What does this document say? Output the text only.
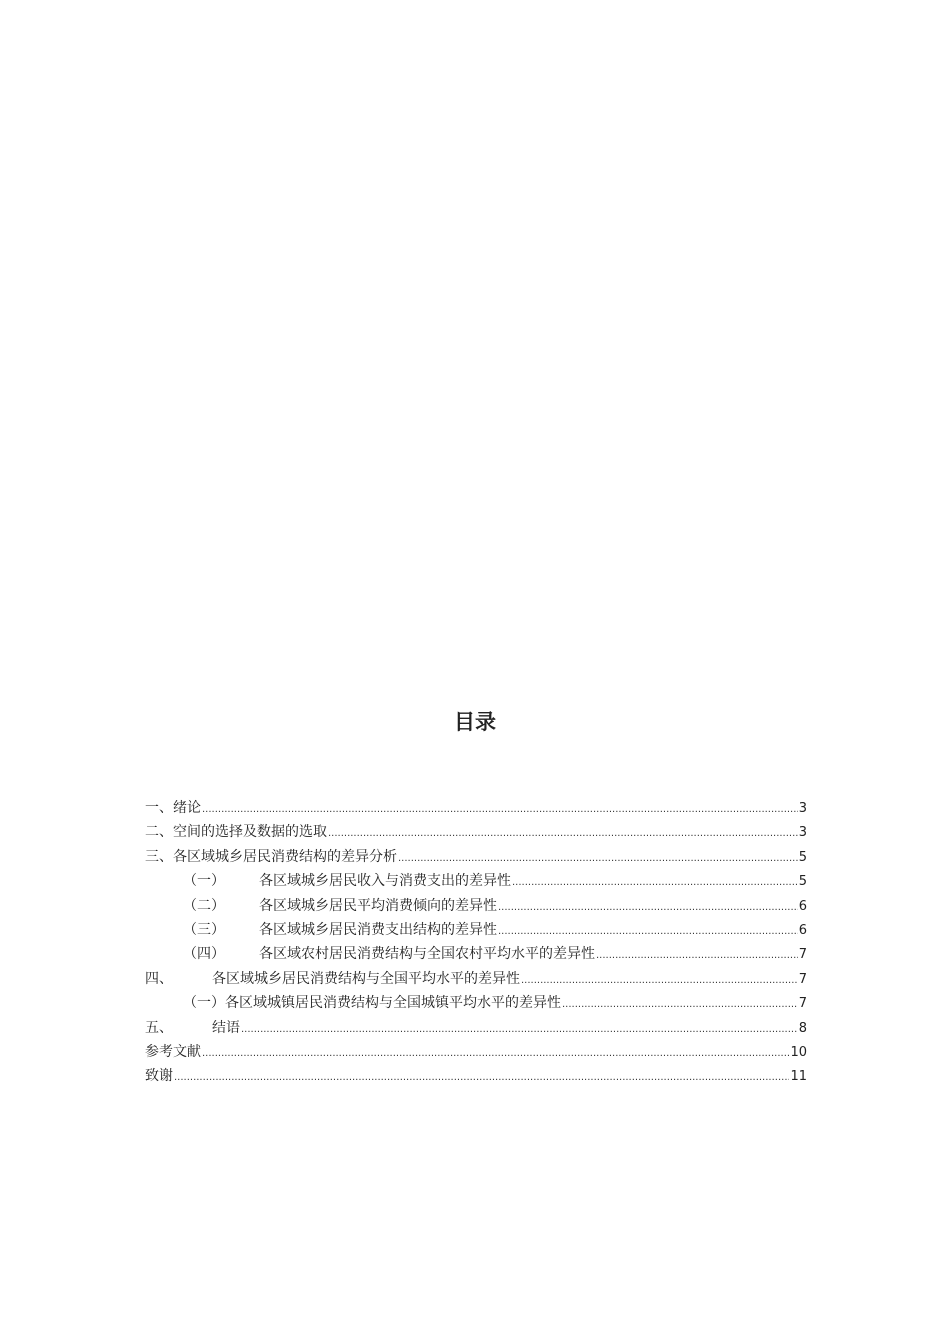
目录
一、 绪论 .....	3
二、 空间的选择及数据的选取 .....	3
三、 各区域城乡居民消费结构的差异分析 .....	5
（一）	各区域城乡居民收入与消费支出的差异性 .....	5
（二）	各区域城乡居民平均消费倾向的差异性 .....	6
（三）	各区域城乡居民消费支出结构的差异性 .....	6
（四）	各区域农村居民消费结构与全国农村平均水平的差异性 .....	7
四、	各区域城乡居民消费结构与全国平均水平的差异性 .....	7
（一） 各区域城镇居民消费结构与全国城镇平均水平的差异性 .....	7
五、	结语 .....	8
参考文献 .....	10
致谢 .....	11
